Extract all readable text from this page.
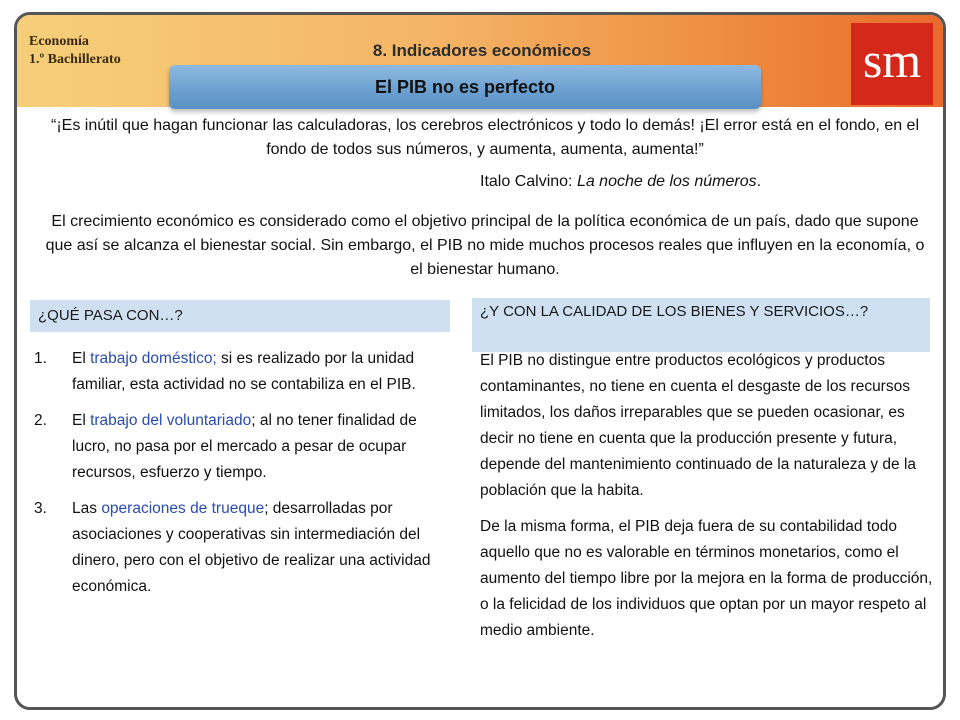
Economía
1.º Bachillerato	8. Indicadores económicos	sm
El PIB no es perfecto
“¡Es inútil que hagan funcionar las calculadoras, los cerebros electrónicos y todo lo demás! ¡El error está en el fondo, en el fondo de todos sus números, y aumenta, aumenta, aumenta!”
Italo Calvino: La noche de los números.
El crecimiento económico es considerado como el objetivo principal de la política económica de un país, dado que supone que así se alcanza el bienestar social. Sin embargo, el PIB no mide muchos procesos reales que influyen en la economía, o el bienestar humano.
¿QUÉ PASA CON…?	¿Y CON LA CALIDAD DE LOS BIENES Y SERVICIOS…?
1. El trabajo doméstico; si es realizado por la unidad familiar, esta actividad no se contabiliza en el PIB.
2. El trabajo del voluntariado; al no tener finalidad de lucro, no pasa por el mercado a pesar de ocupar recursos, esfuerzo y tiempo.
3. Las operaciones de trueque; desarrolladas por asociaciones y cooperativas sin intermediación del dinero, pero con el objetivo de realizar una actividad económica.

El PIB no distingue entre productos ecológicos y productos contaminantes, no tiene en cuenta el desgaste de los recursos limitados, los daños irreparables que se pueden ocasionar, es decir no tiene en cuenta que la producción presente y futura, depende del mantenimiento continuado de la naturaleza y de la población que la habita.

De la misma forma, el PIB deja fuera de su contabilidad todo aquello que no es valorable en términos monetarios, como el aumento del tiempo libre por la mejora en la forma de producción, o la felicidad de los individuos que optan por un mayor respeto al medio ambiente.
